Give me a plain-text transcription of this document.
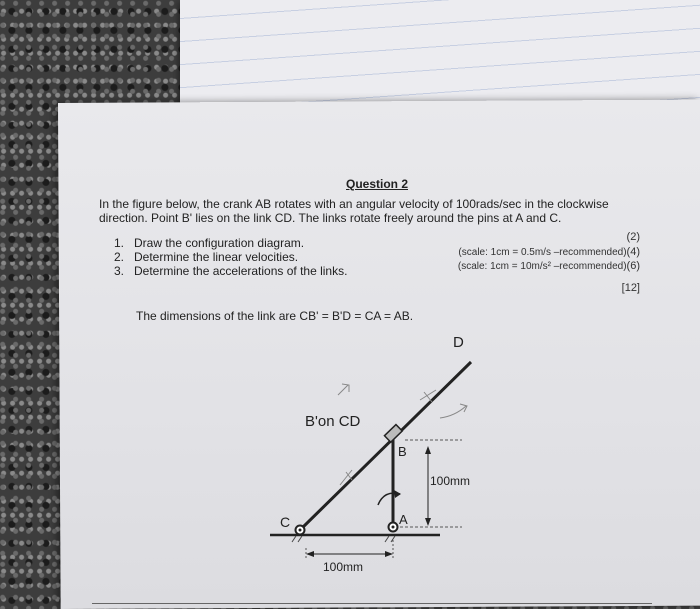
Question 2
In the figure below, the crank AB rotates with an angular velocity of 100rads/sec in the clockwise
direction. Point B' lies on the link CD. The links rotate freely around the pins at A and C.
1. Draw the configuration diagram.
2. Determine the linear velocities.
3. Determine the accelerations of the links.
(2)
(scale: 1cm = 0.5m/s –recommended)(4)
(scale: 1cm = 10m/s² –recommended)(6)
[12]
The dimensions of the link are CB' = B'D = CA = AB.
D
B'on CD
B
C	A
100mm
100mm
